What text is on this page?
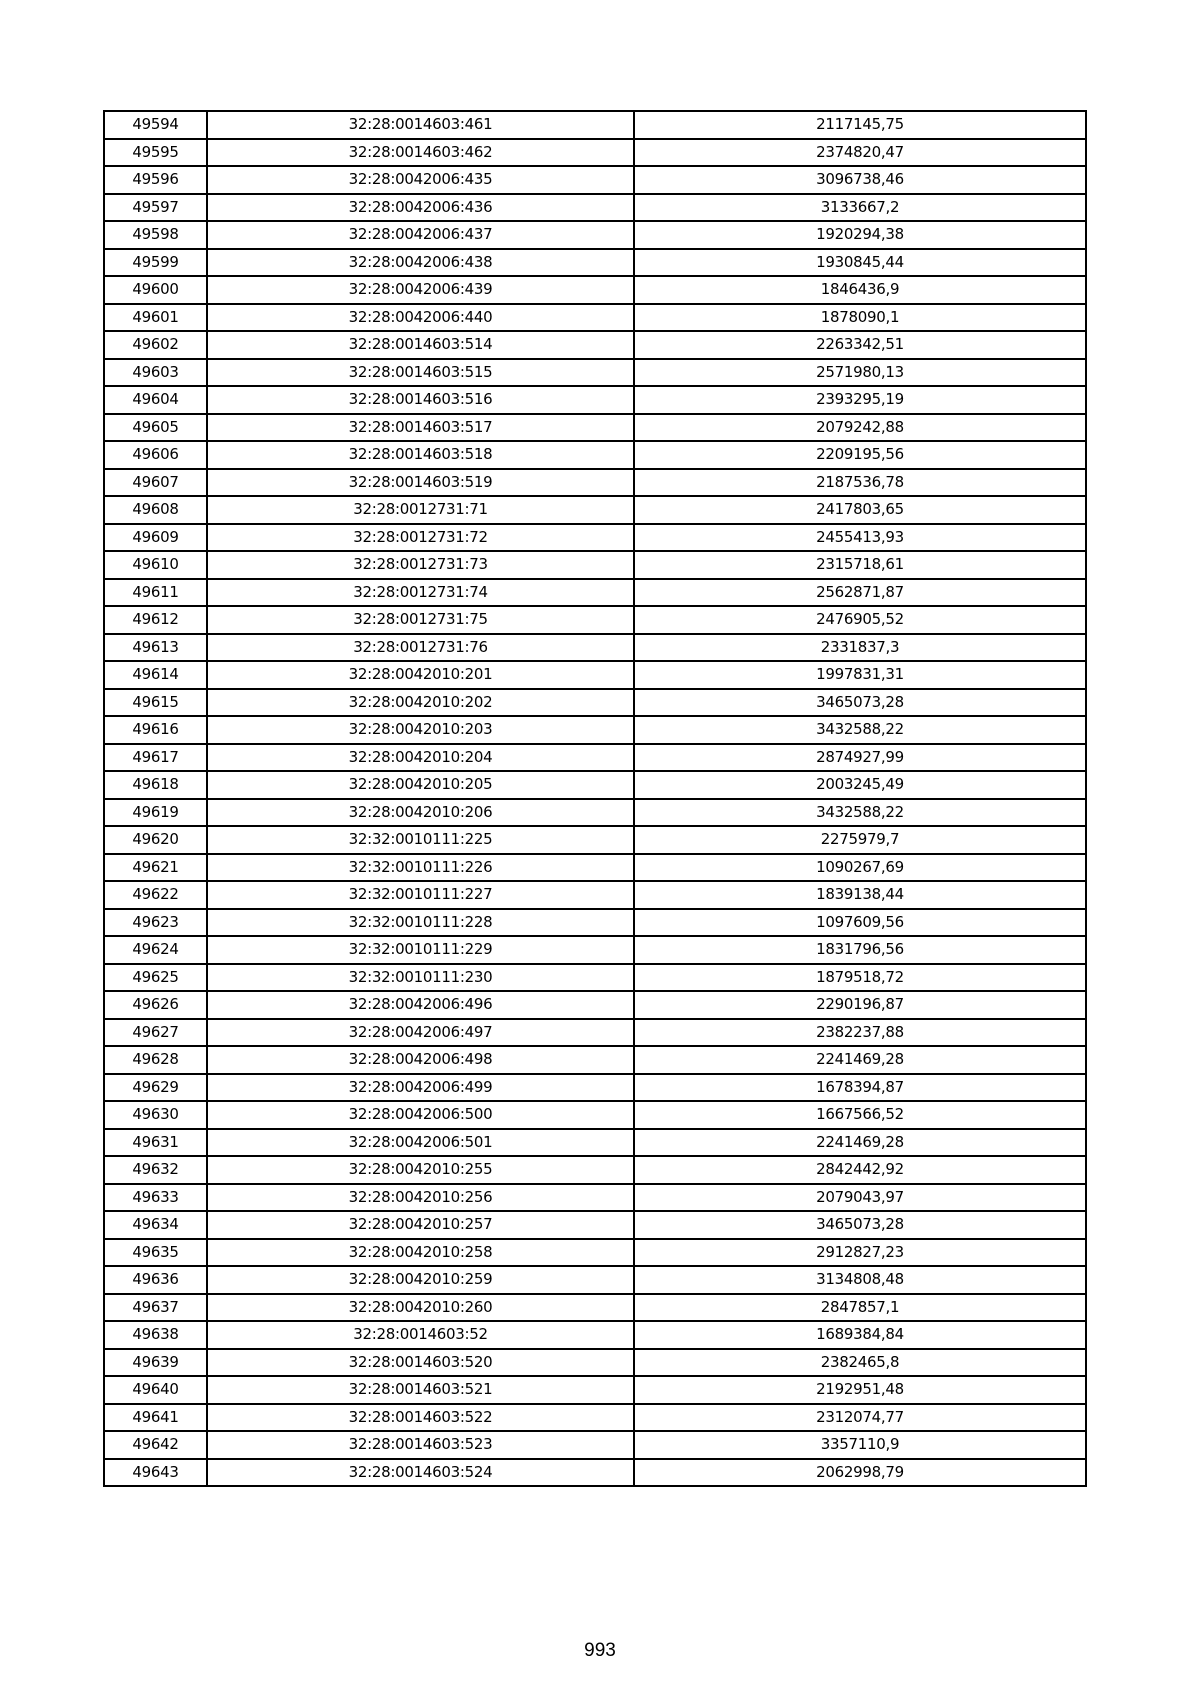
49594	32:28:0014603:461	2117145,75
49595	32:28:0014603:462	2374820,47
49596	32:28:0042006:435	3096738,46
49597	32:28:0042006:436	3133667,2
49598	32:28:0042006:437	1920294,38
49599	32:28:0042006:438	1930845,44
49600	32:28:0042006:439	1846436,9
49601	32:28:0042006:440	1878090,1
49602	32:28:0014603:514	2263342,51
49603	32:28:0014603:515	2571980,13
49604	32:28:0014603:516	2393295,19
49605	32:28:0014603:517	2079242,88
49606	32:28:0014603:518	2209195,56
49607	32:28:0014603:519	2187536,78
49608	32:28:0012731:71	2417803,65
49609	32:28:0012731:72	2455413,93
49610	32:28:0012731:73	2315718,61
49611	32:28:0012731:74	2562871,87
49612	32:28:0012731:75	2476905,52
49613	32:28:0012731:76	2331837,3
49614	32:28:0042010:201	1997831,31
49615	32:28:0042010:202	3465073,28
49616	32:28:0042010:203	3432588,22
49617	32:28:0042010:204	2874927,99
49618	32:28:0042010:205	2003245,49
49619	32:28:0042010:206	3432588,22
49620	32:32:0010111:225	2275979,7
49621	32:32:0010111:226	1090267,69
49622	32:32:0010111:227	1839138,44
49623	32:32:0010111:228	1097609,56
49624	32:32:0010111:229	1831796,56
49625	32:32:0010111:230	1879518,72
49626	32:28:0042006:496	2290196,87
49627	32:28:0042006:497	2382237,88
49628	32:28:0042006:498	2241469,28
49629	32:28:0042006:499	1678394,87
49630	32:28:0042006:500	1667566,52
49631	32:28:0042006:501	2241469,28
49632	32:28:0042010:255	2842442,92
49633	32:28:0042010:256	2079043,97
49634	32:28:0042010:257	3465073,28
49635	32:28:0042010:258	2912827,23
49636	32:28:0042010:259	3134808,48
49637	32:28:0042010:260	2847857,1
49638	32:28:0014603:52	1689384,84
49639	32:28:0014603:520	2382465,8
49640	32:28:0014603:521	2192951,48
49641	32:28:0014603:522	2312074,77
49642	32:28:0014603:523	3357110,9
49643	32:28:0014603:524	2062998,79
993
